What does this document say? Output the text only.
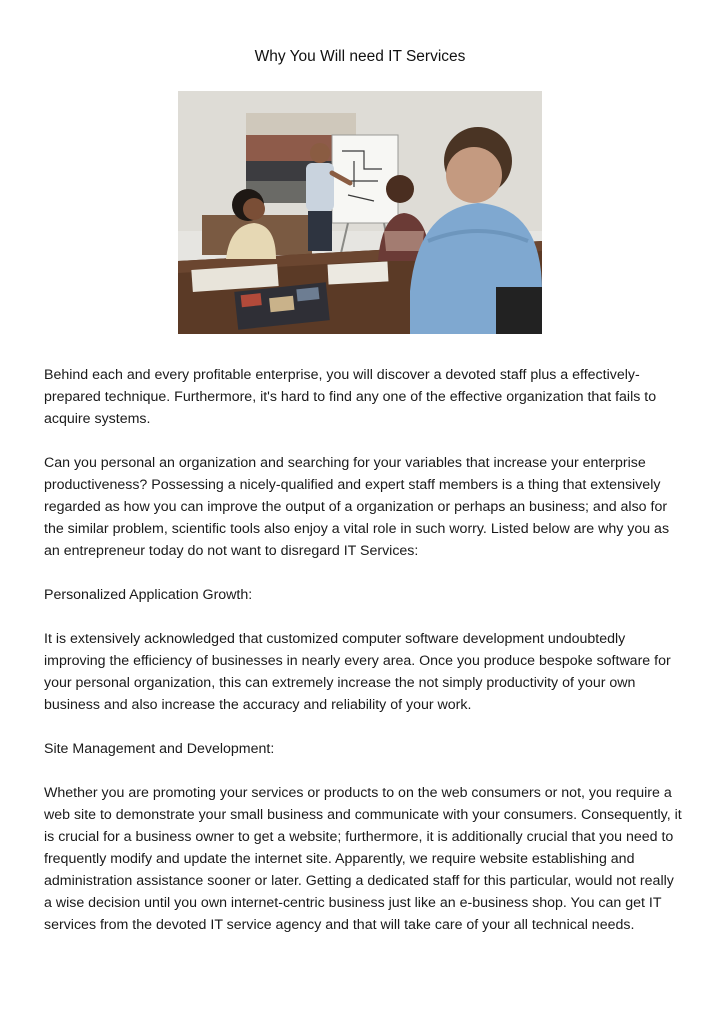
Why You Will need IT Services

Behind each and every profitable enterprise, you will discover a devoted staff plus a effectively-prepared technique. Furthermore, it's hard to find any one of the effective organization that fails to acquire systems.

Can you personal an organization and searching for your variables that increase your enterprise productiveness? Possessing a nicely-qualified and expert staff members is a thing that extensively regarded as how you can improve the output of a organization or perhaps an business; and also for the similar problem, scientific tools also enjoy a vital role in such worry. Listed below are why you as an entrepreneur today do not want to disregard IT Services:

Personalized Application Growth:

It is extensively acknowledged that customized computer software development undoubtedly improving the efficiency of businesses in nearly every area. Once you produce bespoke software for your personal organization, this can extremely increase the not simply productivity of your own business and also increase the accuracy and reliability of your work.

Site Management and Development:

Whether you are promoting your services or products to on the web consumers or not, you require a web site to demonstrate your small business and communicate with your consumers. Consequently, it is crucial for a business owner to get a website; furthermore, it is additionally crucial that you need to frequently modify and update the internet site. Apparently, we require website establishing and administration assistance sooner or later. Getting a dedicated staff for this particular, would not really a wise decision until you own internet-centric business just like an e-business shop. You can get IT services from the devoted IT service agency and that will take care of your all technical needs.
